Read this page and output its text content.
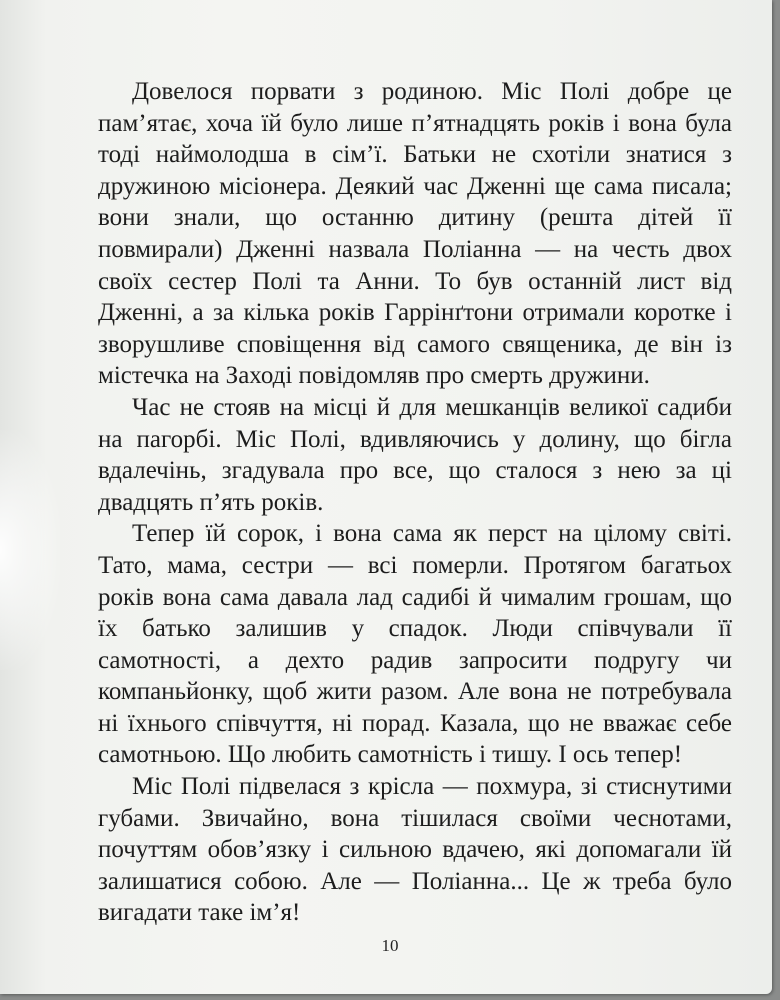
Довелося порвати з родиною. Міс Полі добре це пам’ятає, хоча їй було лише п’ятнадцять років і вона була тоді наймолодша в сім’ї. Батьки не схотіли знатися з дружиною місіонера. Деякий час Дженні ще сама писала; вони знали, що останню дитину (решта дітей її повмирали) Дженні назвала Поліанна — на честь двох своїх сестер Полі та Анни. То був останній лист від Дженні, а за кілька років Гаррінґтони отримали коротке і зворушливе сповіщення від самого священика, де він із містечка на Заході повідомляв про смерть дружини.

Час не стояв на місці й для мешканців великої садиби на пагорбі. Міс Полі, вдивляючись у долину, що бігла вдалечінь, згадувала про все, що сталося з нею за ці двадцять п’ять років.

Тепер їй сорок, і вона сама як перст на цілому світі. Тато, мама, сестри — всі померли. Протягом багатьох років вона сама давала лад садибі й чималим грошам, що їх батько залишив у спадок. Люди співчували її самотності, а дехто радив запросити подругу чи компаньйонку, щоб жити разом. Але вона не потребувала ні їхнього співчуття, ні порад. Казала, що не вважає себе самотньою. Що любить самотність і тишу. І ось тепер!

Міс Полі підвелася з крісла — похмура, зі стиснутими губами. Звичайно, вона тішилася своїми чеснотами, почуттям обов’язку і сильною вдачею, які допомагали їй залишатися собою. Але — Поліанна... Це ж треба було вигадати таке ім’я!

10
